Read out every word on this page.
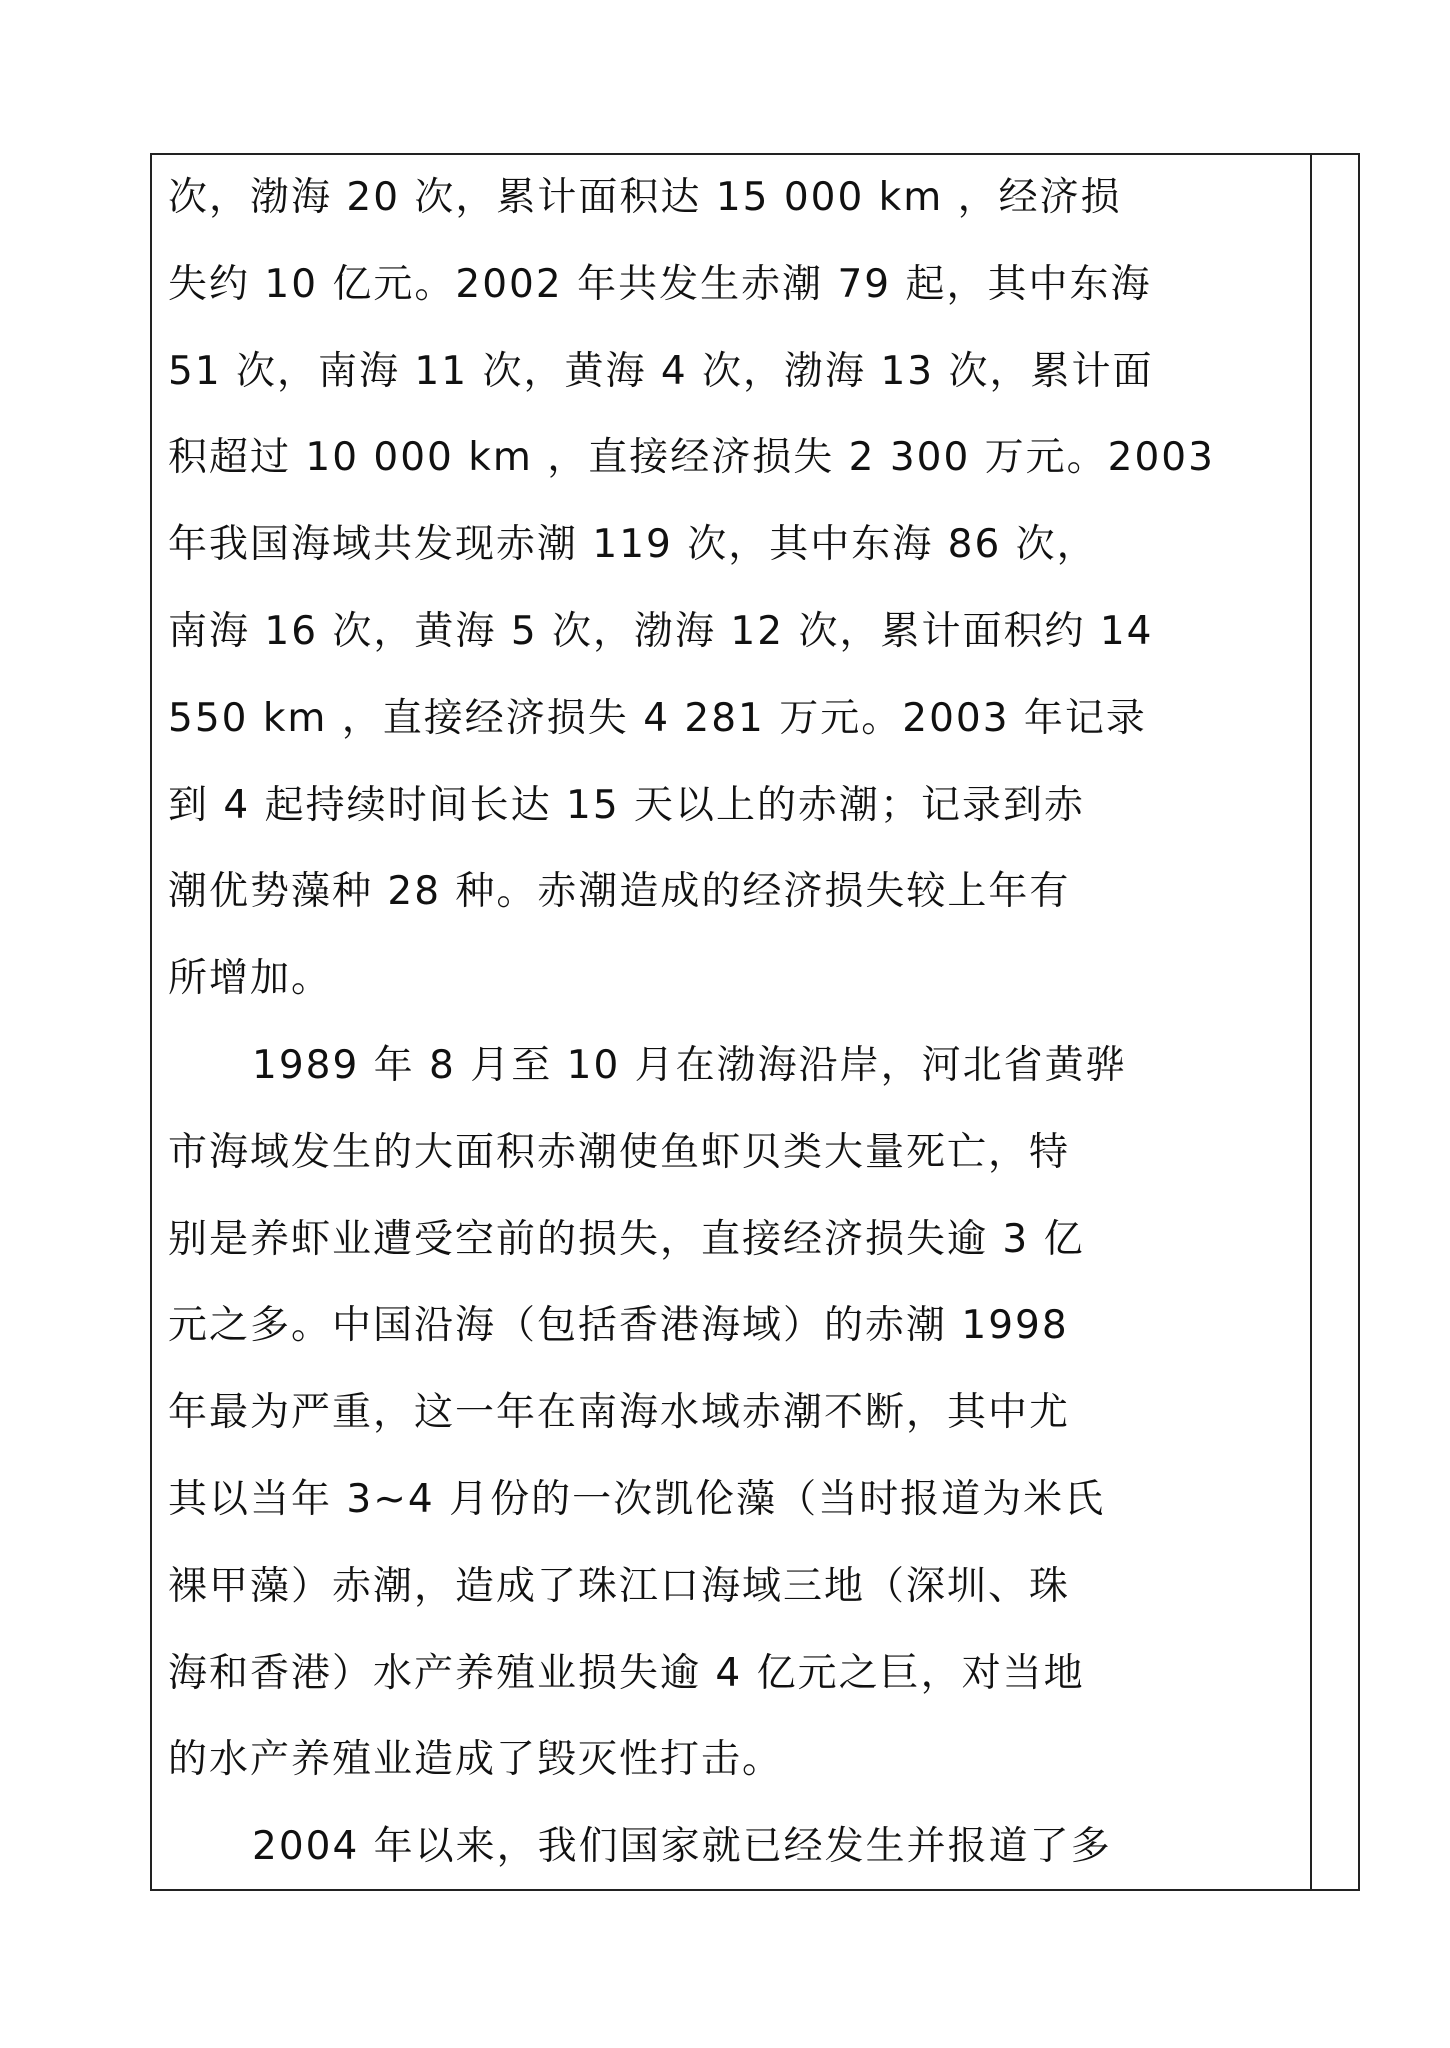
次，渤海 20 次，累计面积达 15 000 km ，经济损
失约 10 亿元。2002 年共发生赤潮 79 起，其中东海
51 次，南海 11 次，黄海 4 次，渤海 13 次，累计面
积超过 10 000 km ，直接经济损失 2 300 万元。2003
年我国海域共发现赤潮 119 次，其中东海 86 次，
南海 16 次，黄海 5 次，渤海 12 次，累计面积约 14
550 km ，直接经济损失 4 281 万元。2003 年记录
到 4 起持续时间长达 15 天以上的赤潮；记录到赤
潮优势藻种 28 种。赤潮造成的经济损失较上年有
所增加。

1989 年 8 月至 10 月在渤海沿岸，河北省黄骅
市海域发生的大面积赤潮使鱼虾贝类大量死亡，特
别是养虾业遭受空前的损失，直接经济损失逾 3 亿
元之多。中国沿海（包括香港海域）的赤潮 1998
年最为严重，这一年在南海水域赤潮不断，其中尤
其以当年 3~4 月份的一次凯伦藻（当时报道为米氏
裸甲藻）赤潮，造成了珠江口海域三地（深圳、珠
海和香港）水产养殖业损失逾 4 亿元之巨，对当地
的水产养殖业造成了毁灭性打击。

2004 年以来，我们国家就已经发生并报道了多
